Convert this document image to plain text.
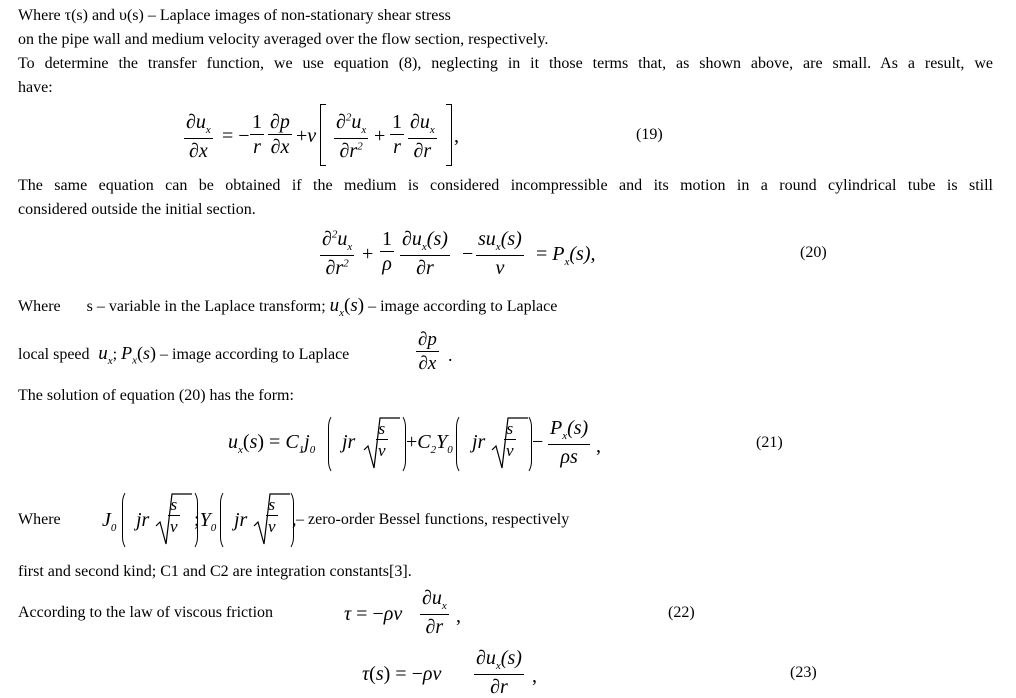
Where τ(s) and υ(s) – Laplace images of non-stationary shear stress
on the pipe wall and medium velocity averaged over the flow section, respectively.
To determine the transfer function, we use equation (8), neglecting in it those terms that, as shown above, are small. As a result, we
have:
$\partial u_x$
∂x
= −
1
r
∂p
∂x +ν
$\partial^2u_x$
$\partial r^2$ +
1
r
$\partial u_x$
∂r
,	(19)
The same equation can be obtained if the medium is considered incompressible and its motion in a round cylindrical tube is still
considered outside the initial section.
$\partial^2u_x$
$\partial r^2$ +
1
ρ
$\partial u_x(s)$
∂r
−
$su_x(s)$
ν
= $P_x(s)$,	(20)
Where s – variable in the Laplace transform; $u_x(s)$ – image according to Laplace
local speed  $u_x$; $P_x(s)$ – image according to Laplace
∂p
∂x .
The solution of equation (20) has the form:
$u_x(s) = C_1j_0$ jr
s
$\nu +C_2Y_0$ jr
s
ν −
$P_x(s)$
ρs ,	(21)
Where $J_0$ jr
s
ν $;Y_0$ jr
s
ν , – zero-order Bessel functions, respectively
first and second kind; C1 and C2 are integration constants[3].
According to the law of viscous friction	τ = −ρν
$\partial u_x$
∂r ,	(22)
τ(s) = −ρν
$\partial u_x(s)$
∂r	,	(23)
